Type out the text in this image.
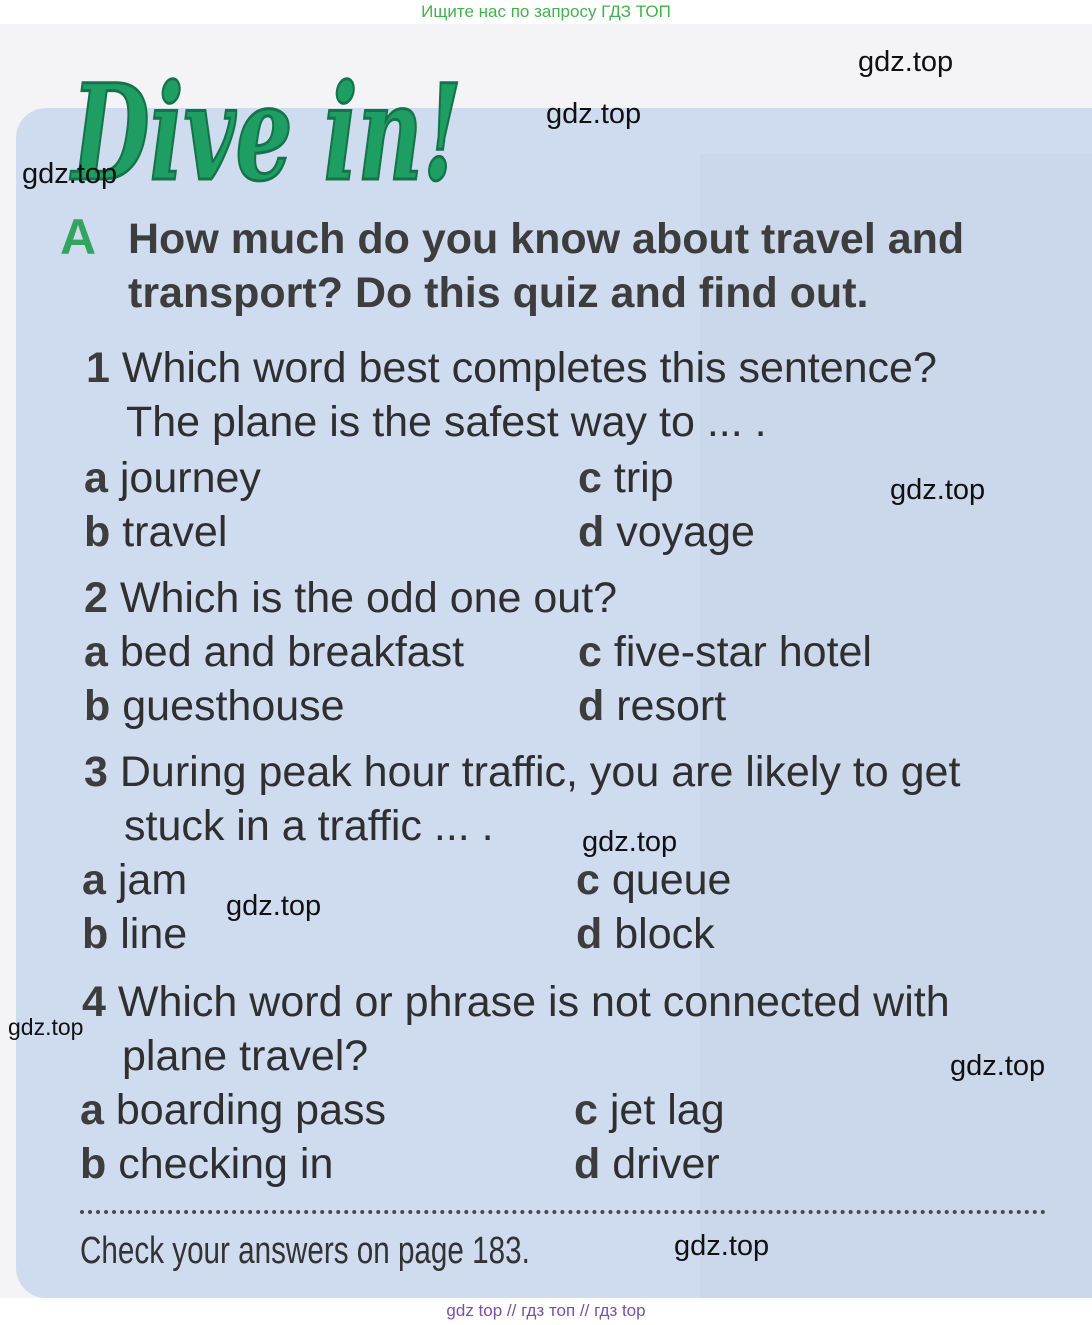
Ищите нас по запросу ГДЗ ТОП
Dive in!
A How much do you know about travel and transport? Do this quiz and find out.
1 Which word best completes this sentence?
The plane is the safest way to ... .
a journey	c trip
b travel	d voyage
2 Which is the odd one out?
a bed and breakfast	c five-star hotel
b guesthouse	d resort
3 During peak hour traffic, you are likely to get
stuck in a traffic ... .
a jam	c queue
b line	d block
4 Which word or phrase is not connected with
plane travel?
a boarding pass	c jet lag
b checking in	d driver
Check your answers on page 183.
gdz.top
gdz.top
gdz.top
gdz.top
gdz.top
gdz.top
gdz.top
gdz.top
gdz.top
gdz top // гдз топ // гдз top
